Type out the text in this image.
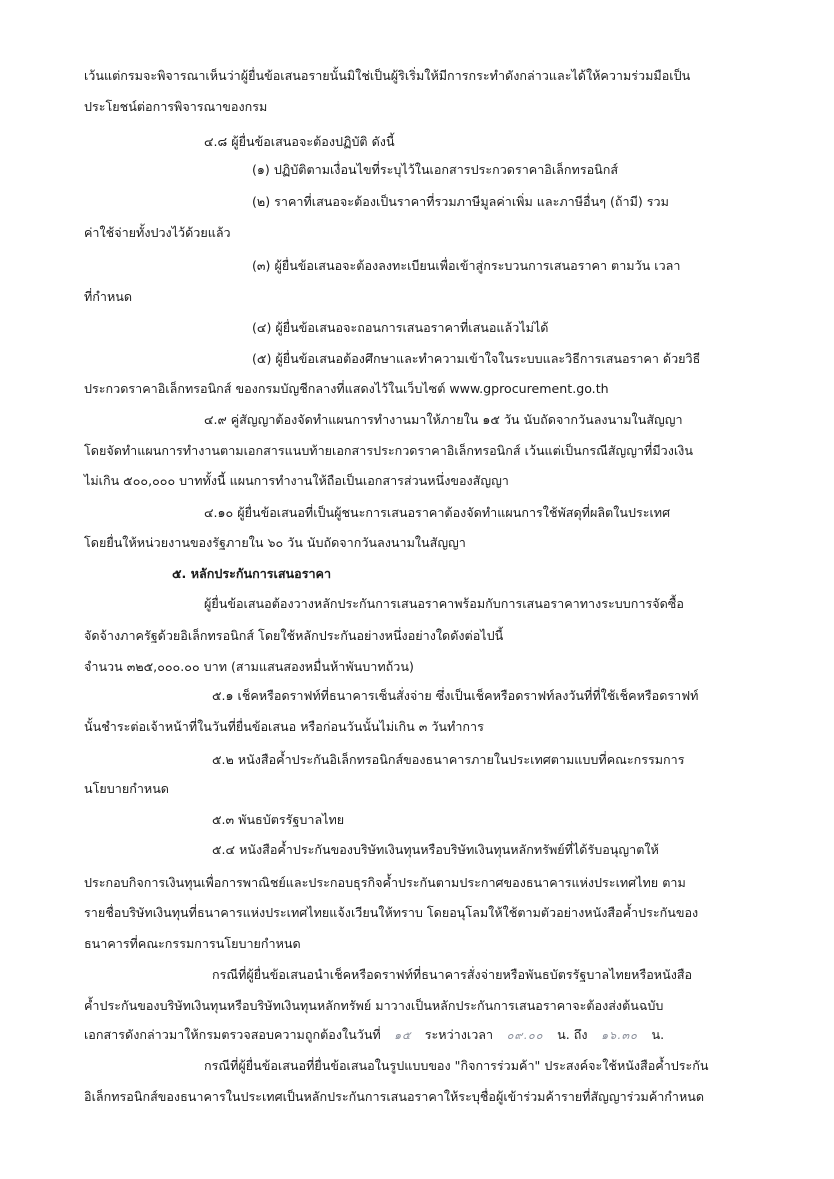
เว้นแต่กรมจะพิจารณาเห็นว่าผู้ยื่นข้อเสนอรายนั้นมิใช่เป็นผู้ริเริ่มให้มีการกระทำดังกล่าวและได้ให้ความร่วมมือเป็น
ประโยชน์ต่อการพิจารณาของกรม
๔.๘ ผู้ยื่นข้อเสนอจะต้องปฏิบัติ ดังนี้
(๑) ปฏิบัติตามเงื่อนไขที่ระบุไว้ในเอกสารประกวดราคาอิเล็กทรอนิกส์
(๒) ราคาที่เสนอจะต้องเป็นราคาที่รวมภาษีมูลค่าเพิ่ม และภาษีอื่นๆ (ถ้ามี) รวม
ค่าใช้จ่ายทั้งปวงไว้ด้วยแล้ว
(๓) ผู้ยื่นข้อเสนอจะต้องลงทะเบียนเพื่อเข้าสู่กระบวนการเสนอราคา ตามวัน เวลา
ที่กำหนด
(๔) ผู้ยื่นข้อเสนอจะถอนการเสนอราคาที่เสนอแล้วไม่ได้
(๕) ผู้ยื่นข้อเสนอต้องศึกษาและทำความเข้าใจในระบบและวิธีการเสนอราคา ด้วยวิธี
ประกวดราคาอิเล็กทรอนิกส์ ของกรมบัญชีกลางที่แสดงไว้ในเว็บไซต์ www.gprocurement.go.th
๔.๙ คู่สัญญาต้องจัดทำแผนการทำงานมาให้ภายใน ๑๕ วัน นับถัดจากวันลงนามในสัญญา
โดยจัดทำแผนการทำงานตามเอกสารแนบท้ายเอกสารประกวดราคาอิเล็กทรอนิกส์ เว้นแต่เป็นกรณีสัญญาที่มีวงเงิน
ไม่เกิน ๕๐๐,๐๐๐ บาททั้งนี้ แผนการทำงานให้ถือเป็นเอกสารส่วนหนึ่งของสัญญา
๔.๑๐ ผู้ยื่นข้อเสนอที่เป็นผู้ชนะการเสนอราคาต้องจัดทำแผนการใช้พัสดุที่ผลิตในประเทศ
โดยยื่นให้หน่วยงานของรัฐภายใน ๖๐ วัน นับถัดจากวันลงนามในสัญญา
๕. หลักประกันการเสนอราคา
ผู้ยื่นข้อเสนอต้องวางหลักประกันการเสนอราคาพร้อมกับการเสนอราคาทางระบบการจัดซื้อ
จัดจ้างภาครัฐด้วยอิเล็กทรอนิกส์ โดยใช้หลักประกันอย่างหนึ่งอย่างใดดังต่อไปนี้
จำนวน ๓๒๕,๐๐๐.๐๐ บาท (สามแสนสองหมื่นห้าพันบาทถ้วน)
๕.๑ เช็คหรือดราฟท์ที่ธนาคารเซ็นสั่งจ่าย ซึ่งเป็นเช็คหรือดราฟท์ลงวันที่ที่ใช้เช็คหรือดราฟท์
นั้นชำระต่อเจ้าหน้าที่ในวันที่ยื่นข้อเสนอ หรือก่อนวันนั้นไม่เกิน ๓ วันทำการ
๕.๒ หนังสือค้ำประกันอิเล็กทรอนิกส์ของธนาคารภายในประเทศตามแบบที่คณะกรรมการ
นโยบายกำหนด
๕.๓ พันธบัตรรัฐบาลไทย
๕.๔ หนังสือค้ำประกันของบริษัทเงินทุนหรือบริษัทเงินทุนหลักทรัพย์ที่ได้รับอนุญาตให้
ประกอบกิจการเงินทุนเพื่อการพาณิชย์และประกอบธุรกิจค้ำประกันตามประกาศของธนาคารแห่งประเทศไทย ตาม
รายชื่อบริษัทเงินทุนที่ธนาคารแห่งประเทศไทยแจ้งเวียนให้ทราบ โดยอนุโลมให้ใช้ตามตัวอย่างหนังสือค้ำประกันของ
ธนาคารที่คณะกรรมการนโยบายกำหนด
กรณีที่ผู้ยื่นข้อเสนอนำเช็คหรือดราฟท์ที่ธนาคารสั่งจ่ายหรือพันธบัตรรัฐบาลไทยหรือหนังสือ
ค้ำประกันของบริษัทเงินทุนหรือบริษัทเงินทุนหลักทรัพย์ มาวางเป็นหลักประกันการเสนอราคาจะต้องส่งต้นฉบับ
เอกสารดังกล่าวมาให้กรมตรวจสอบความถูกต้องในวันที่ ๑๕ ระหว่างเวลา ๐๙.๐๐ น. ถึง ๑๖.๓๐ น.
กรณีที่ผู้ยื่นข้อเสนอที่ยื่นข้อเสนอในรูปแบบของ "กิจการร่วมค้า" ประสงค์จะใช้หนังสือค้ำประกัน
อิเล็กทรอนิกส์ของธนาคารในประเทศเป็นหลักประกันการเสนอราคาให้ระบุชื่อผู้เข้าร่วมค้ารายที่สัญญาร่วมค้ากำหนด
